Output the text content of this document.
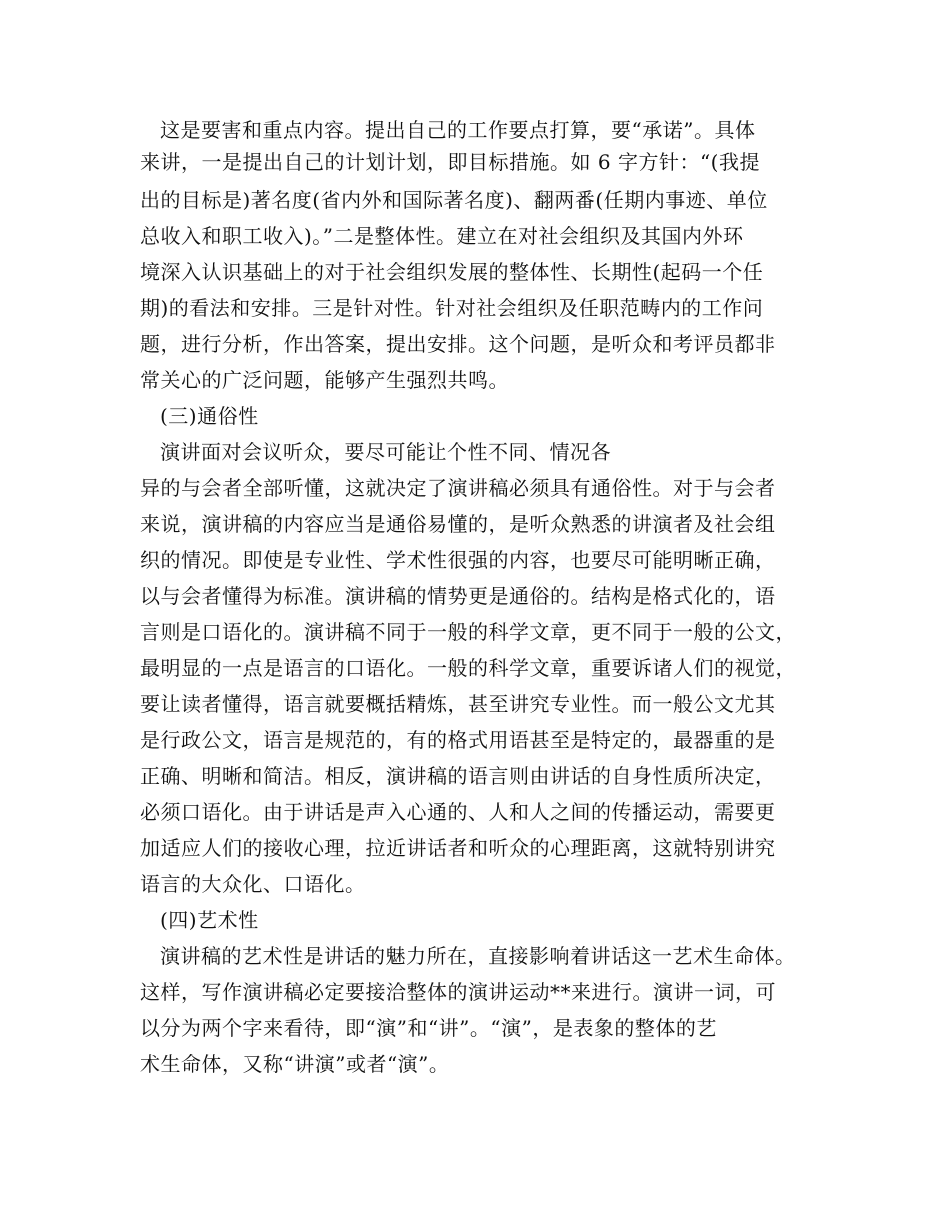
这是要害和重点内容。提出自己的工作要点打算，要“承诺”。具体
来讲，一是提出自己的计划计划，即目标措施。如 6 字方针：“(我提
出的目标是)著名度(省内外和国际著名度)、翻两番(任期内事迹、单位
总收入和职工收入)。”二是整体性。建立在对社会组织及其国内外环
境深入认识基础上的对于社会组织发展的整体性、长期性(起码一个任
期)的看法和安排。三是针对性。针对社会组织及任职范畴内的工作问
题，进行分析，作出答案，提出安排。这个问题，是听众和考评员都非
常关心的广泛问题，能够产生强烈共鸣。
(三)通俗性
演讲面对会议听众，要尽可能让个性不同、情况各
异的与会者全部听懂，这就决定了演讲稿必须具有通俗性。对于与会者
来说，演讲稿的内容应当是通俗易懂的，是听众熟悉的讲演者及社会组
织的情况。即使是专业性、学术性很强的内容，也要尽可能明晰正确，
以与会者懂得为标准。演讲稿的情势更是通俗的。结构是格式化的，语
言则是口语化的。演讲稿不同于一般的科学文章，更不同于一般的公文，
最明显的一点是语言的口语化。一般的科学文章，重要诉诸人们的视觉，
要让读者懂得，语言就要概括精炼，甚至讲究专业性。而一般公文尤其
是行政公文，语言是规范的，有的格式用语甚至是特定的，最器重的是
正确、明晰和简洁。相反，演讲稿的语言则由讲话的自身性质所决定，
必须口语化。由于讲话是声入心通的、人和人之间的传播运动，需要更
加适应人们的接收心理，拉近讲话者和听众的心理距离，这就特别讲究
语言的大众化、口语化。
(四)艺术性
演讲稿的艺术性是讲话的魅力所在，直接影响着讲话这一艺术生命体。
这样，写作演讲稿必定要接洽整体的演讲运动**来进行。演讲一词，可
以分为两个字来看待，即“演”和“讲”。“演”，是表象的整体的艺
术生命体，又称“讲演”或者“演”。
